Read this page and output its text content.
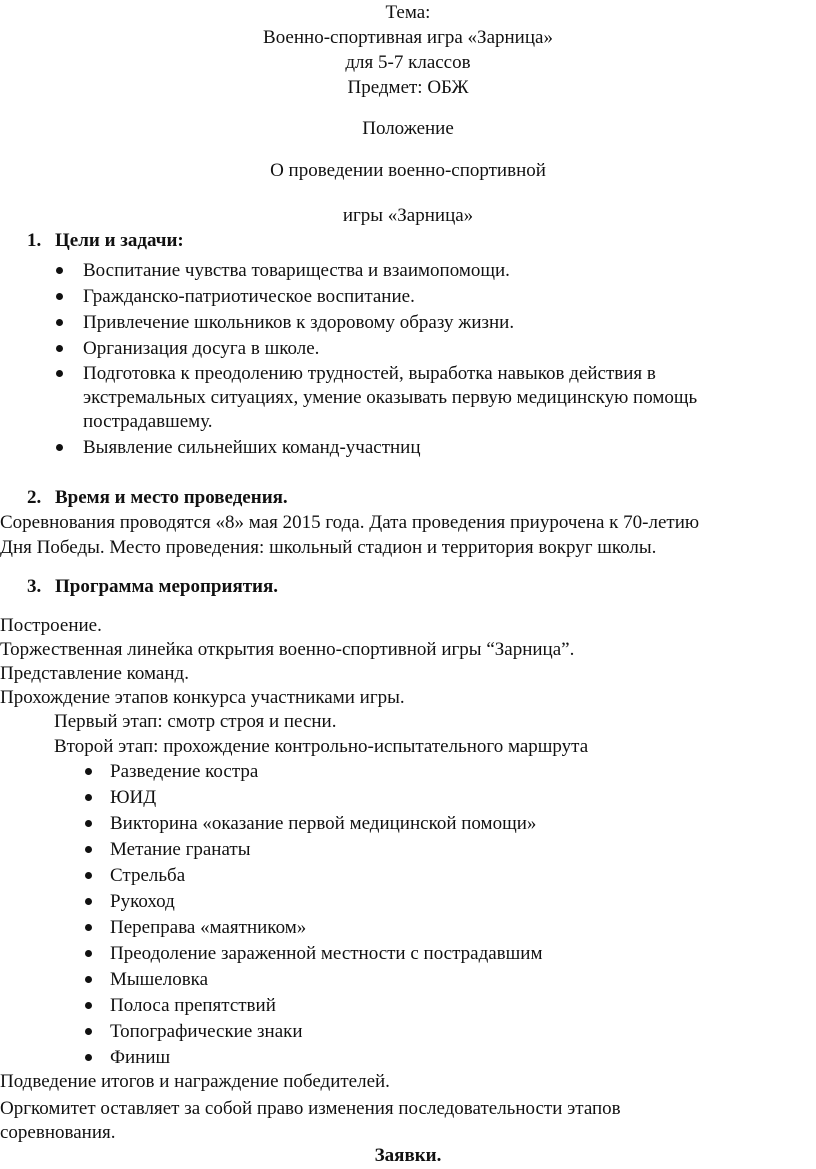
Тема:
Военно-спортивная игра «Зарница»
для 5-7 классов
Предмет: ОБЖ
Положение
О проведении военно-спортивной
игры «Зарница»
1. Цели и задачи:
Воспитание чувства товарищества и взаимопомощи.
Гражданско-патриотическое воспитание.
Привлечение школьников к здоровому образу жизни.
Организация досуга в школе.
Подготовка к преодолению трудностей, выработка навыков действия в
экстремальных ситуациях, умение оказывать первую медицинскую помощь
пострадавшему.
Выявление сильнейших команд-участниц
2. Время и место проведения.
Соревнования проводятся «8» мая 2015 года. Дата проведения приурочена к 70-летию
Дня Победы. Место проведения: школьный стадион и территория вокруг школы.
3. Программа мероприятия.
Построение.
Торжественная линейка открытия военно-спортивной игры “Зарница”.
Представление команд.
Прохождение этапов конкурса участниками игры.
Первый этап: смотр строя и песни.
Второй этап: прохождение контрольно-испытательного маршрута
Разведение костра
ЮИД
Викторина «оказание первой медицинской помощи»
Метание гранаты
Стрельба
Рукоход
Переправа «маятником»
Преодоление зараженной местности с пострадавшим
Мышеловка
Полоса препятствий
Топографические знаки
Финиш
Подведение итогов и награждение победителей.
Оргкомитет оставляет за собой право изменения последовательности этапов
соревнования.
Заявки.
